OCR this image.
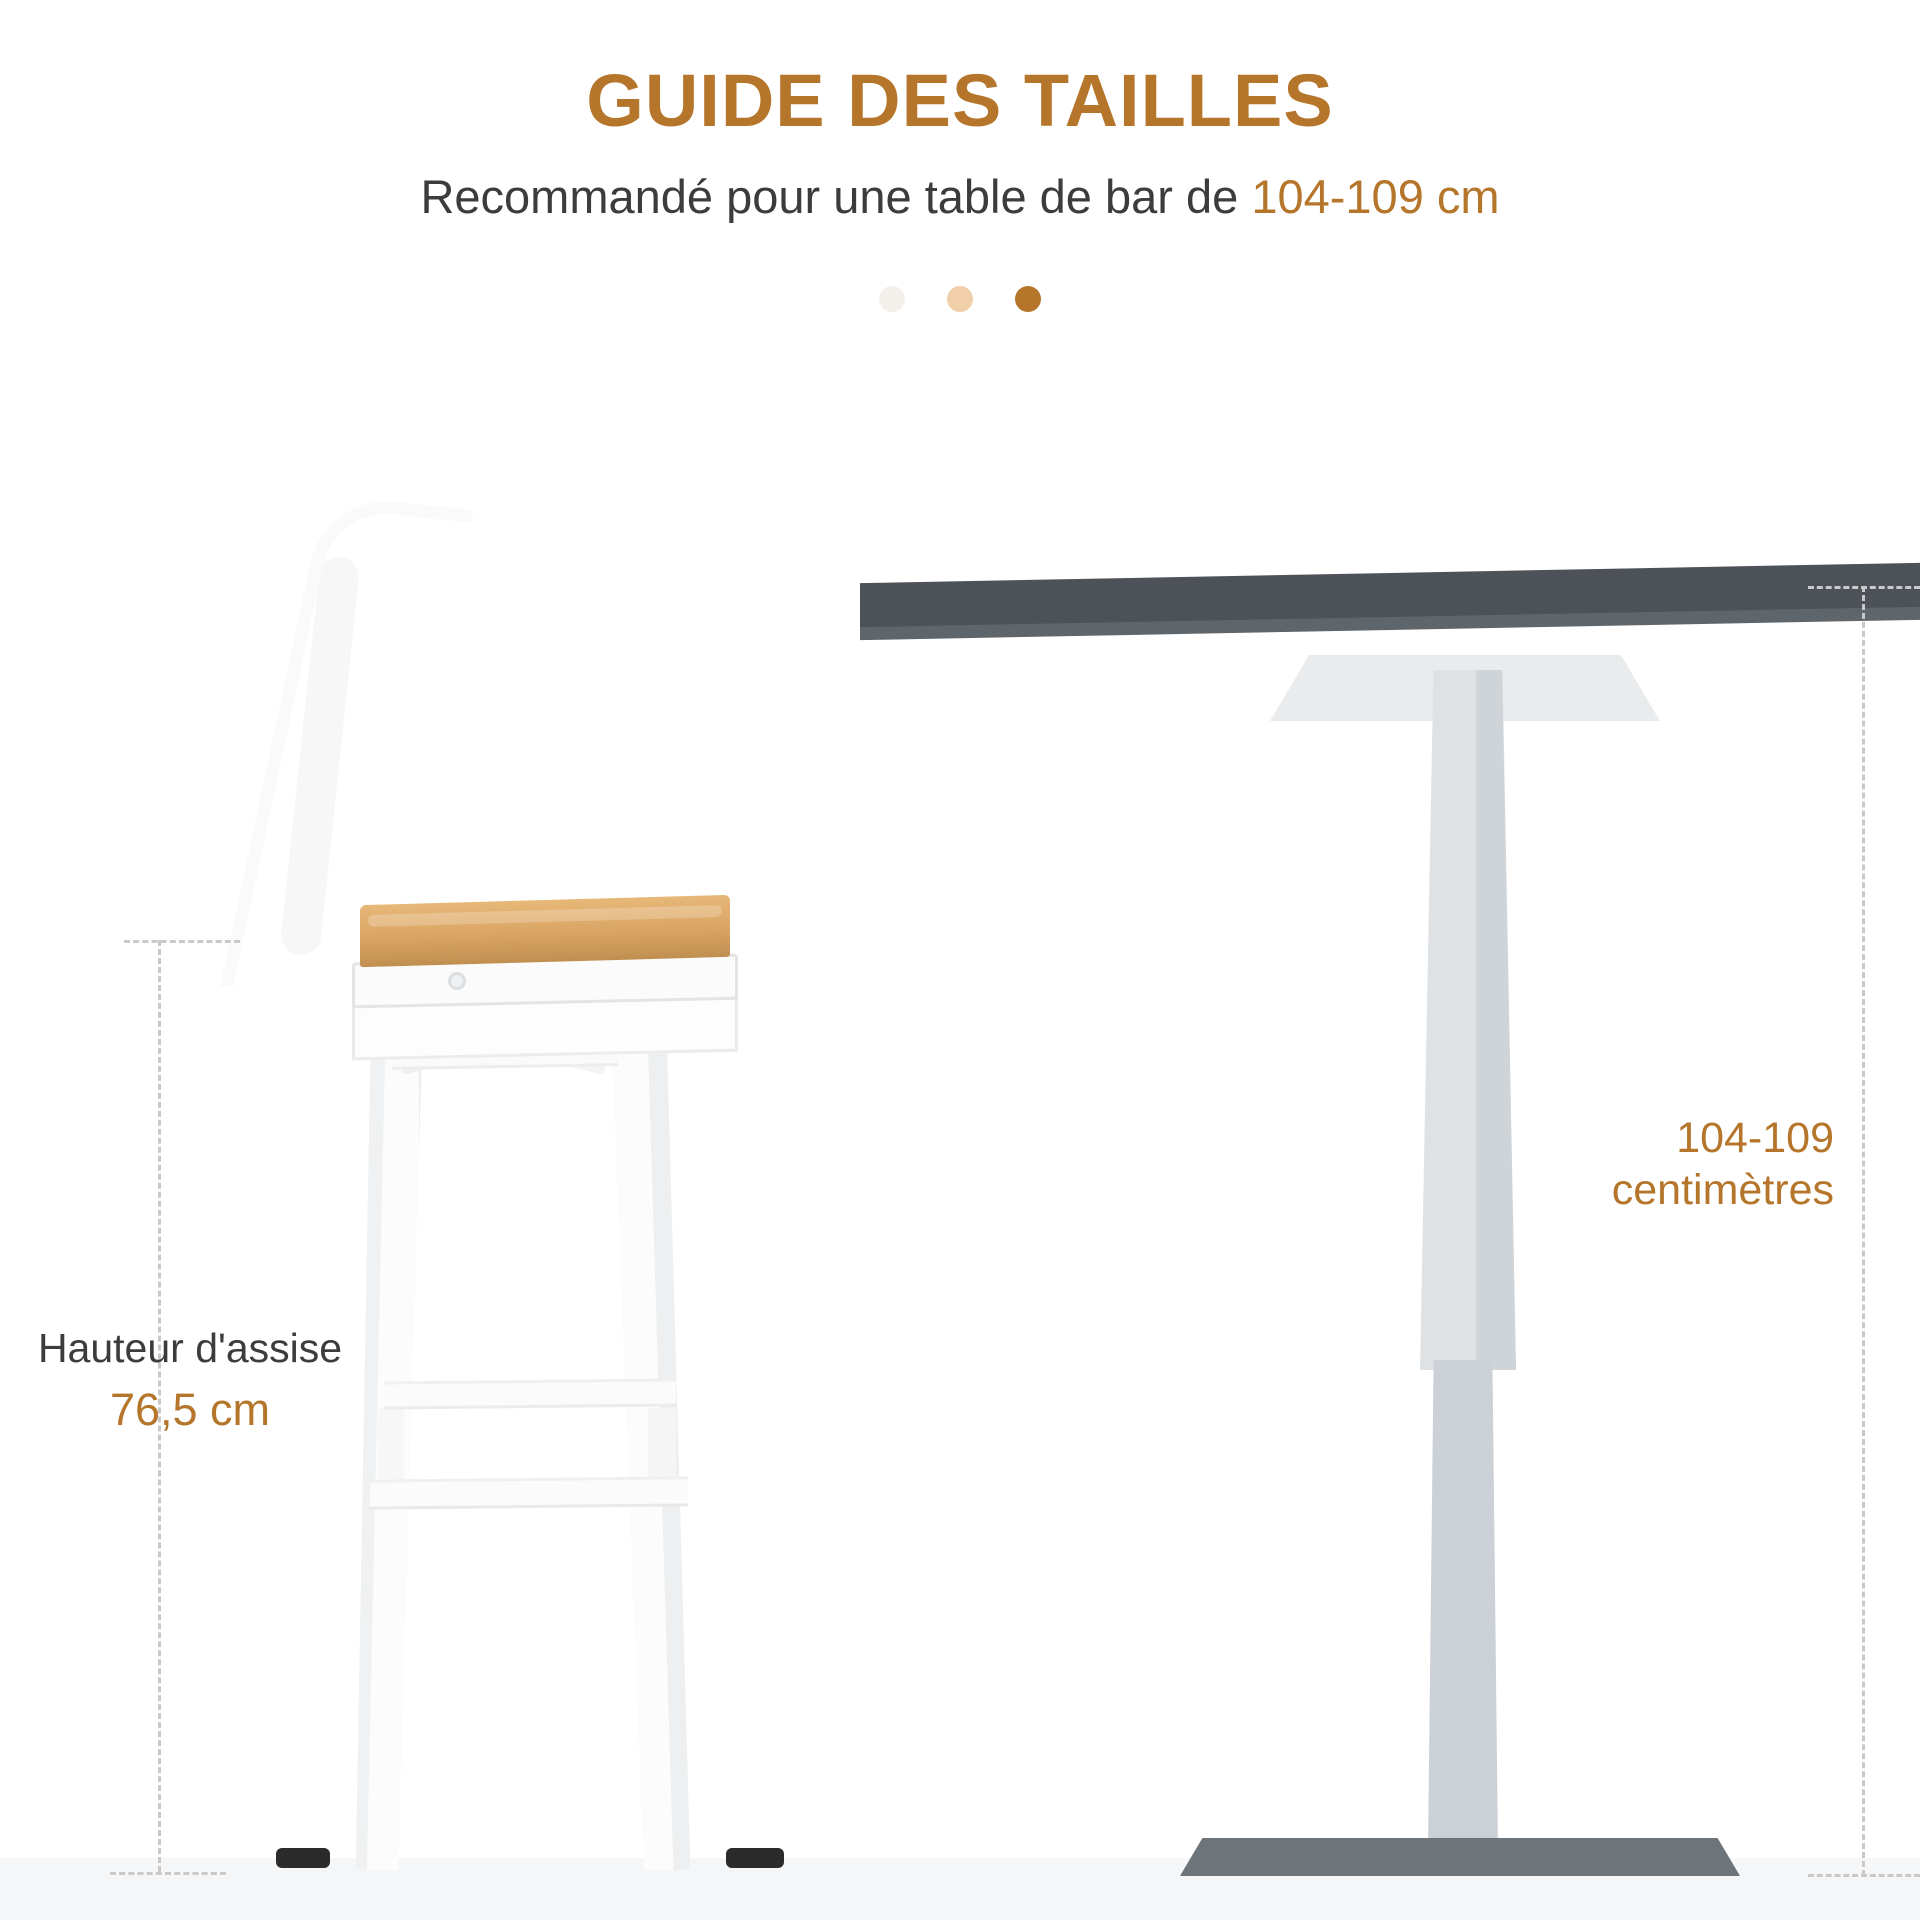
GUIDE DES TAILLES

Recommandé pour une table de bar de 104-109 cm

104-109
centimètres
Hauteur d'assise
76,5 cm
